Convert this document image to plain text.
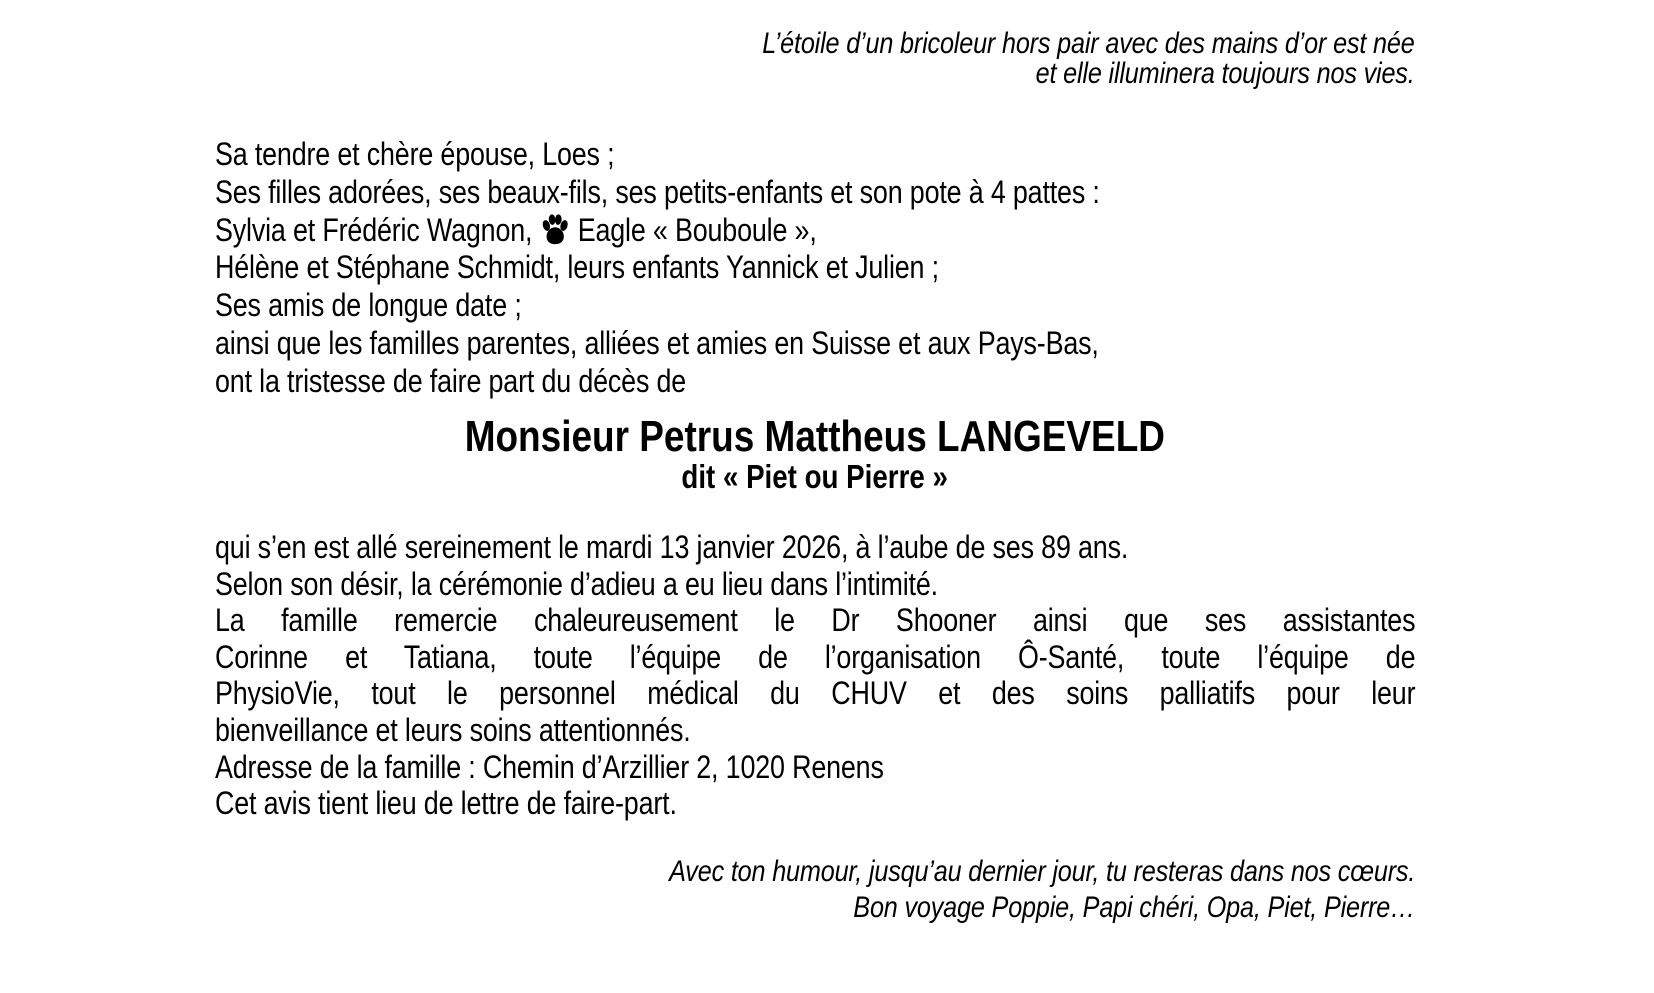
L’étoile d’un bricoleur hors pair avec des mains d’or est née
et elle illuminera toujours nos vies.
Sa tendre et chère épouse, Loes ;
Ses filles adorées, ses beaux-fils, ses petits-enfants et son pote à 4 pattes :
Sylvia et Frédéric Wagnon, Eagle « Bouboule »,
Hélène et Stéphane Schmidt, leurs enfants Yannick et Julien ;
Ses amis de longue date ;
ainsi que les familles parentes, alliées et amies en Suisse et aux Pays-Bas,
ont la tristesse de faire part du décès de
Monsieur Petrus Mattheus LANGEVELD
dit « Piet ou Pierre »
qui s’en est allé sereinement le mardi 13 janvier 2026, à l’aube de ses 89 ans.
Selon son désir, la cérémonie d’adieu a eu lieu dans l’intimité.
La famille remercie chaleureusement le Dr Shooner ainsi que ses assistantes
Corinne et Tatiana, toute l’équipe de l’organisation Ô-Santé, toute l’équipe de
PhysioVie, tout le personnel médical du CHUV et des soins palliatifs pour leur
bienveillance et leurs soins attentionnés.
Adresse de la famille : Chemin d’Arzillier 2, 1020 Renens
Cet avis tient lieu de lettre de faire-part.
Avec ton humour, jusqu’au dernier jour, tu resteras dans nos cœurs.
Bon voyage Poppie, Papi chéri, Opa, Piet, Pierre…
